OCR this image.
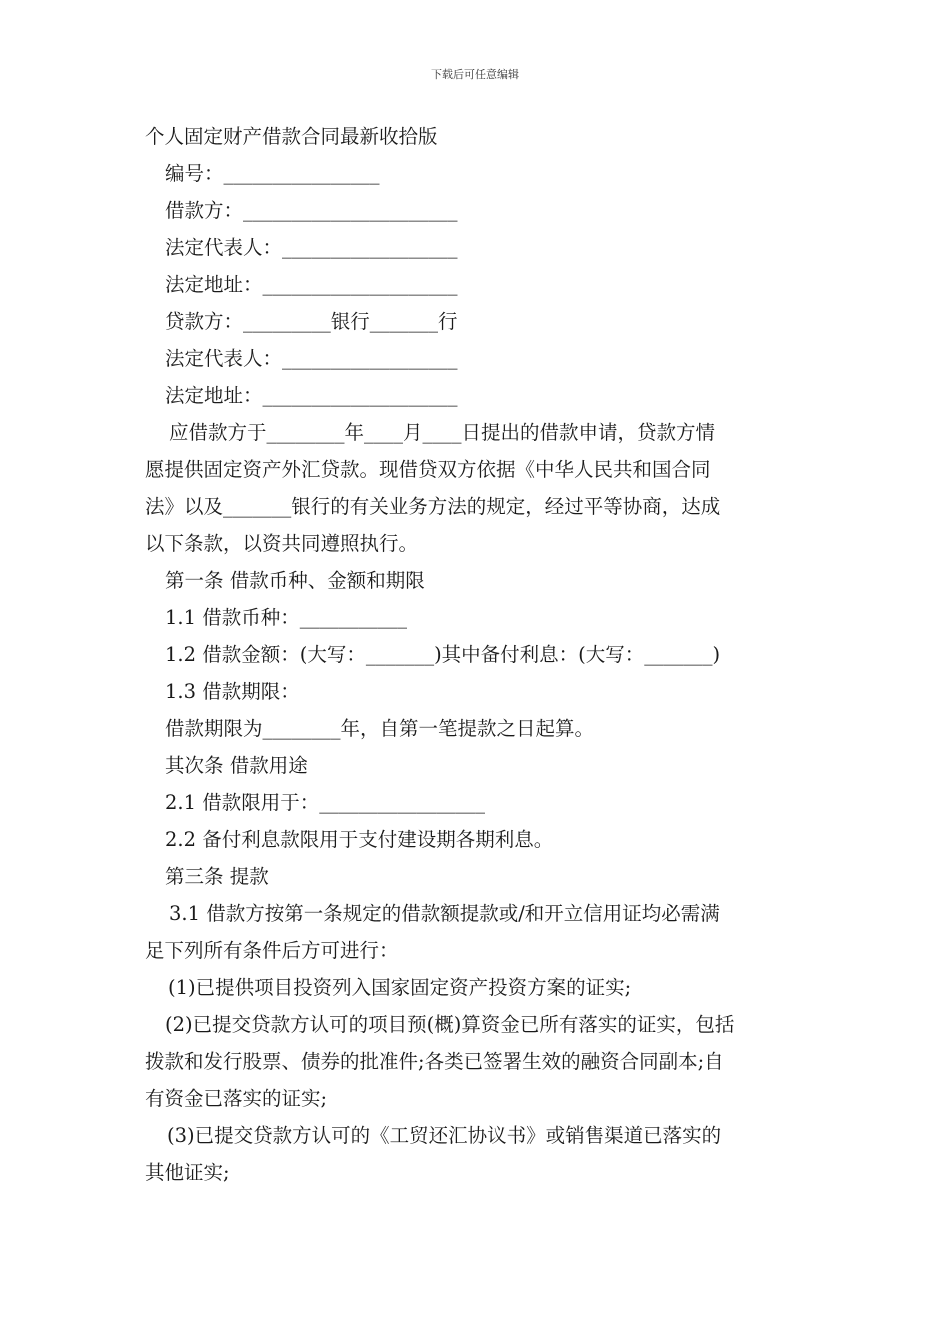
下载后可任意编辑
个人固定财产借款合同最新收拾版
编号：________________
借款方：______________________
法定代表人：__________________
法定地址：____________________
贷款方：_________银行_______行
法定代表人：__________________
法定地址：____________________
应借款方于________年____月____日提出的借款申请，贷款方情
愿提供固定资产外汇贷款。现借贷双方依据《中华人民共和国合同
法》以及_______银行的有关业务方法的规定，经过平等协商，达成
以下条款，以资共同遵照执行。
第一条 借款币种、金额和期限
1.1 借款币种：___________
1.2 借款金额：(大写：_______)其中备付利息：(大写：_______)
1.3 借款期限：
借款期限为________年，自第一笔提款之日起算。
其次条 借款用途
2.1 借款限用于：_________________
2.2 备付利息款限用于支付建设期各期利息。
第三条 提款
3.1 借款方按第一条规定的借款额提款或/和开立信用证均必需满
足下列所有条件后方可进行：
(1)已提供项目投资列入国家固定资产投资方案的证实;
(2)已提交贷款方认可的项目预(概)算资金已所有落实的证实，包括
拨款和发行股票、债券的批准件;各类已签署生效的融资合同副本;自
有资金已落实的证实;
(3)已提交贷款方认可的《工贸还汇协议书》或销售渠道已落实的
其他证实;
